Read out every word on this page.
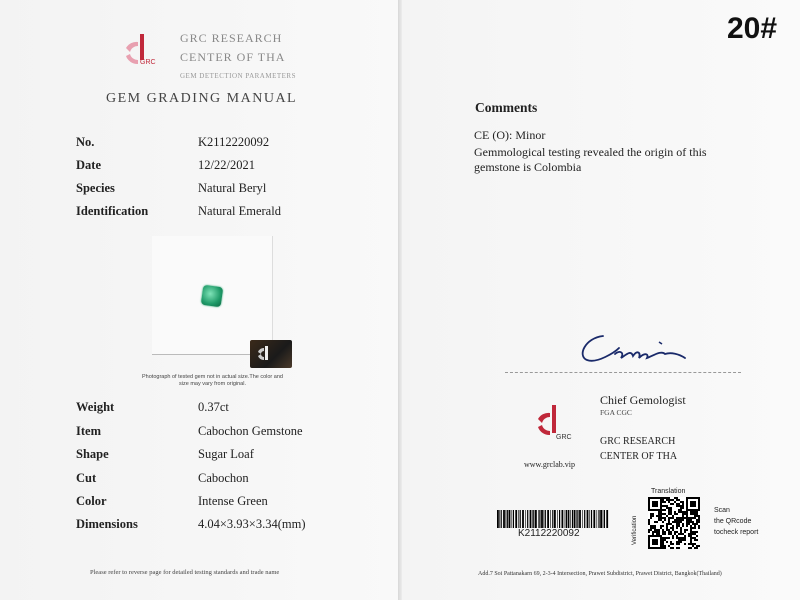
GRC
GRC RESEARCH
CENTER OF THA
GEM DETECTION PARAMETERS
GEM GRADING MANUAL
No.	K2112220092
Date	12/22/2021
Species	Natural Beryl
Identification	Natural Emerald
Photograph of tested gem not in actual size.The color and
size may vary from original.
Weight	0.37ct
Item	Cabochon Gemstone
Shape	Sugar Loaf
Cut	Cabochon
Color	Intense Green
Dimensions	4.04×3.93×3.34(mm)
Please refer to reverse page for detailed testing standards and trade name
20#
Comments
CE (O): Minor
Gemmological testing revealed the origin of this
gemstone is Colombia
GRC
www.grclab.vip
Chief Gemologist
FGA CGC
GRC RESEARCH
CENTER OF THA
K2112220092
Translation
Verification
Scan
the QRcode
tocheck report
Add.7 Soi Pattanakarn 69, 2-3-4 Intersection, Prawet Subdistrict, Prawet District, Bangkok(Thailand)
